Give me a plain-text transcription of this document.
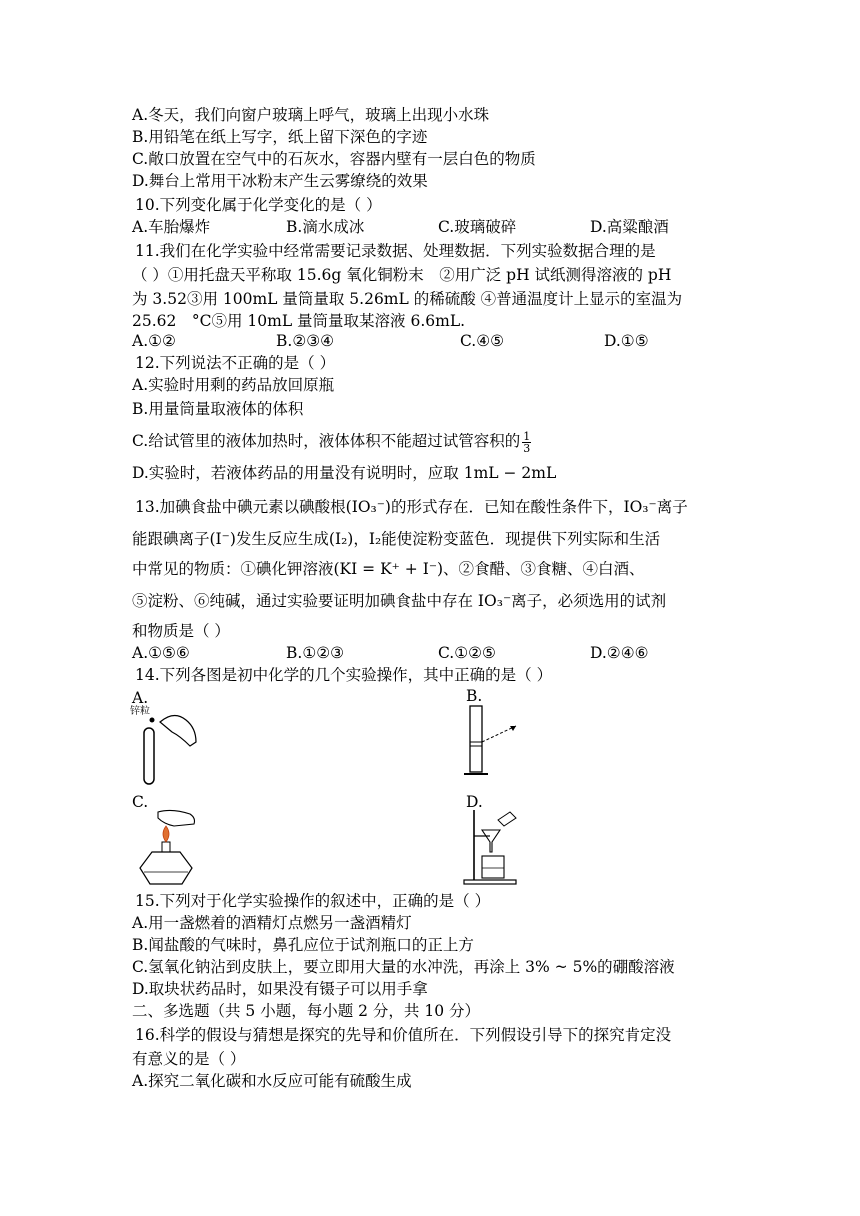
A.冬天，我们向窗户玻璃上呼气，玻璃上出现小水珠
B.用铅笔在纸上写字，纸上留下深色的字迹
C.敞口放置在空气中的石灰水，容器内壁有一层白色的物质
D.舞台上常用干冰粉末产生云雾缭绕的效果
10.下列变化属于化学变化的是（ ）
A.车胎爆炸	B.滴水成冰	C.玻璃破碎	D.高粱酿酒
11.我们在化学实验中经常需要记录数据、处理数据．下列实验数据合理的是
（ ）①用托盘天平称取 15.6g 氧化铜粉末　②用广泛 pH 试纸测得溶液的 pH
为 3.52③用 100mL 量筒量取 5.26mL 的稀硫酸 ④普通温度计上显示的室温为
25.62　°C⑤用 10mL 量筒量取某溶液 6.6mL.
A.①②	B.②③④	C.④⑤	D.①⑤
12.下列说法不正确的是（ ）
A.实验时用剩的药品放回原瓶
B.用量筒量取液体的体积
C.给试管里的液体加热时，液体体积不能超过试管容积的 $\frac{1}{3}$
D.实验时，若液体药品的用量没有说明时，应取 1mL − 2mL
13.加碘食盐中碘元素以碘酸根(IO₃⁻)的形式存在．已知在酸性条件下，IO₃⁻离子
能跟碘离子(I⁻)发生反应生成(I₂)，I₂能使淀粉变蓝色．现提供下列实际和生活
中常见的物质：①碘化钾溶液(KI = K⁺ + I⁻)、②食醋、③食糖、④白酒、
⑤淀粉、⑥纯碱，通过实验要证明加碘食盐中存在 IO₃⁻离子，必须选用的试剂
和物质是（ ）
A.①⑤⑥	B.①②③	C.①②⑤	D.②④⑥
14.下列各图是初中化学的几个实验操作，其中正确的是（ ）
A.
锌粒
B.
C.	D.
15.下列对于化学实验操作的叙述中，正确的是（ ）
A.用一盏燃着的酒精灯点燃另一盏酒精灯
B.闻盐酸的气味时，鼻孔应位于试剂瓶口的正上方
C.氢氧化钠沾到皮肤上，要立即用大量的水冲洗，再涂上 3% ~ 5%的硼酸溶液
D.取块状药品时，如果没有镊子可以用手拿
二、多选题（共 5 小题，每小题 2 分，共 10 分）
16.科学的假设与猜想是探究的先导和价值所在．下列假设引导下的探究肯定没
有意义的是（ ）
A.探究二氧化碳和水反应可能有硫酸生成
